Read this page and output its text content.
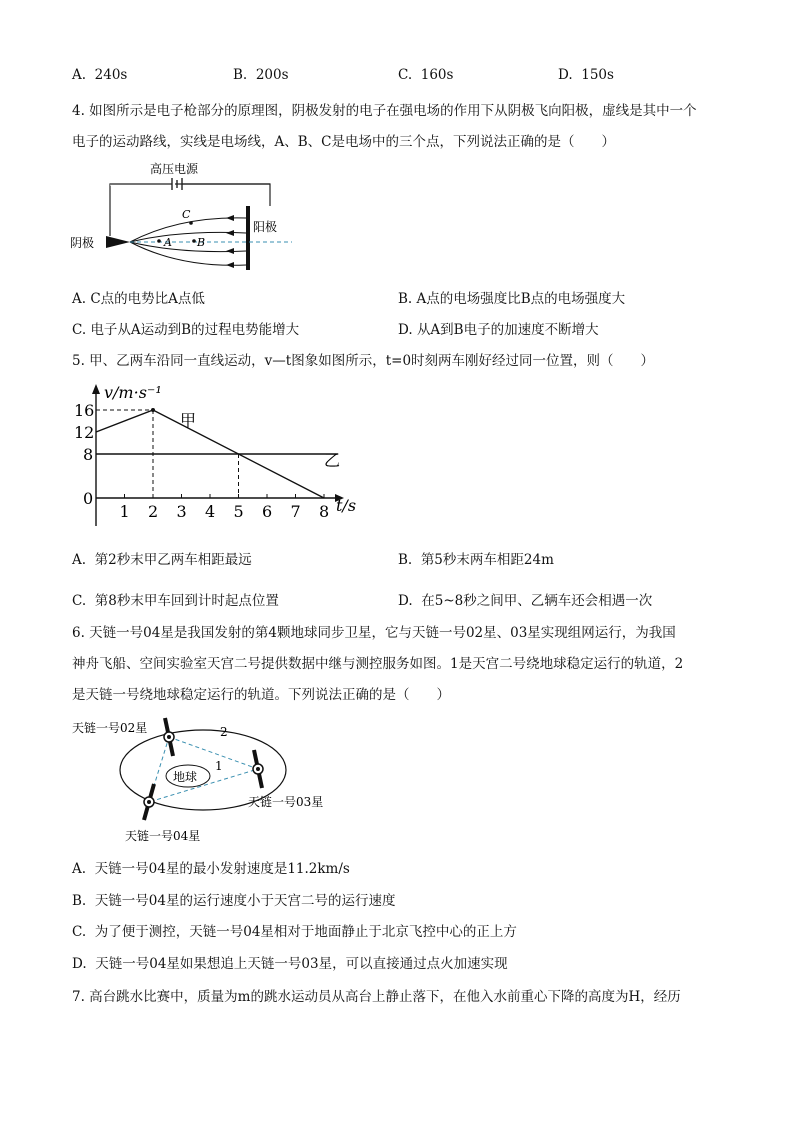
A. 240s	B. 200s	C. 160s	D. 150s
4. 如图所示是电子枪部分的原理图，阴极发射的电子在强电场的作用下从阴极飞向阳极，虚线是其中一个
电子的运动路线，实线是电场线，A、B、C是电场中的三个点，下列说法正确的是（　　）
高压电源
阴极
阳极
A B
C
A. C点的电势比A点低	B. A点的电场强度比B点的电场强度大
C. 电子从A运动到B的过程电势能增大	D. 从A到B电子的加速度不断增大
5. 甲、乙两车沿同一直线运动，v—t图象如图所示，t=0时刻两车刚好经过同一位置，则（　　）
1 2 3 4 5 6 7 8
0
8
12
16
v/m·s⁻¹
t/s
甲
乙
A. 第2秒末甲乙两车相距最远	B. 第5秒末两车相距24m
C. 第8秒末甲车回到计时起点位置	D. 在5~8秒之间甲、乙辆车还会相遇一次
6. 天链一号04星是我国发射的第4颗地球同步卫星，它与天链一号02星、03星实现组网运行，为我国
神舟飞船、空间实验室天宫二号提供数据中继与测控服务如图。1是天宫二号绕地球稳定运行的轨道，2
是天链一号绕地球稳定运行的轨道。下列说法正确的是（　　）
天链一号02星
天链一号03星
天链一号04星
2
1
地球
A. 天链一号04星的最小发射速度是11.2km/s
B. 天链一号04星的运行速度小于天宫二号的运行速度
C. 为了便于测控，天链一号04星相对于地面静止于北京飞控中心的正上方
D. 天链一号04星如果想追上天链一号03星，可以直接通过点火加速实现
7. 高台跳水比赛中，质量为m的跳水运动员从高台上静止落下，在他入水前重心下降的高度为H，经历
